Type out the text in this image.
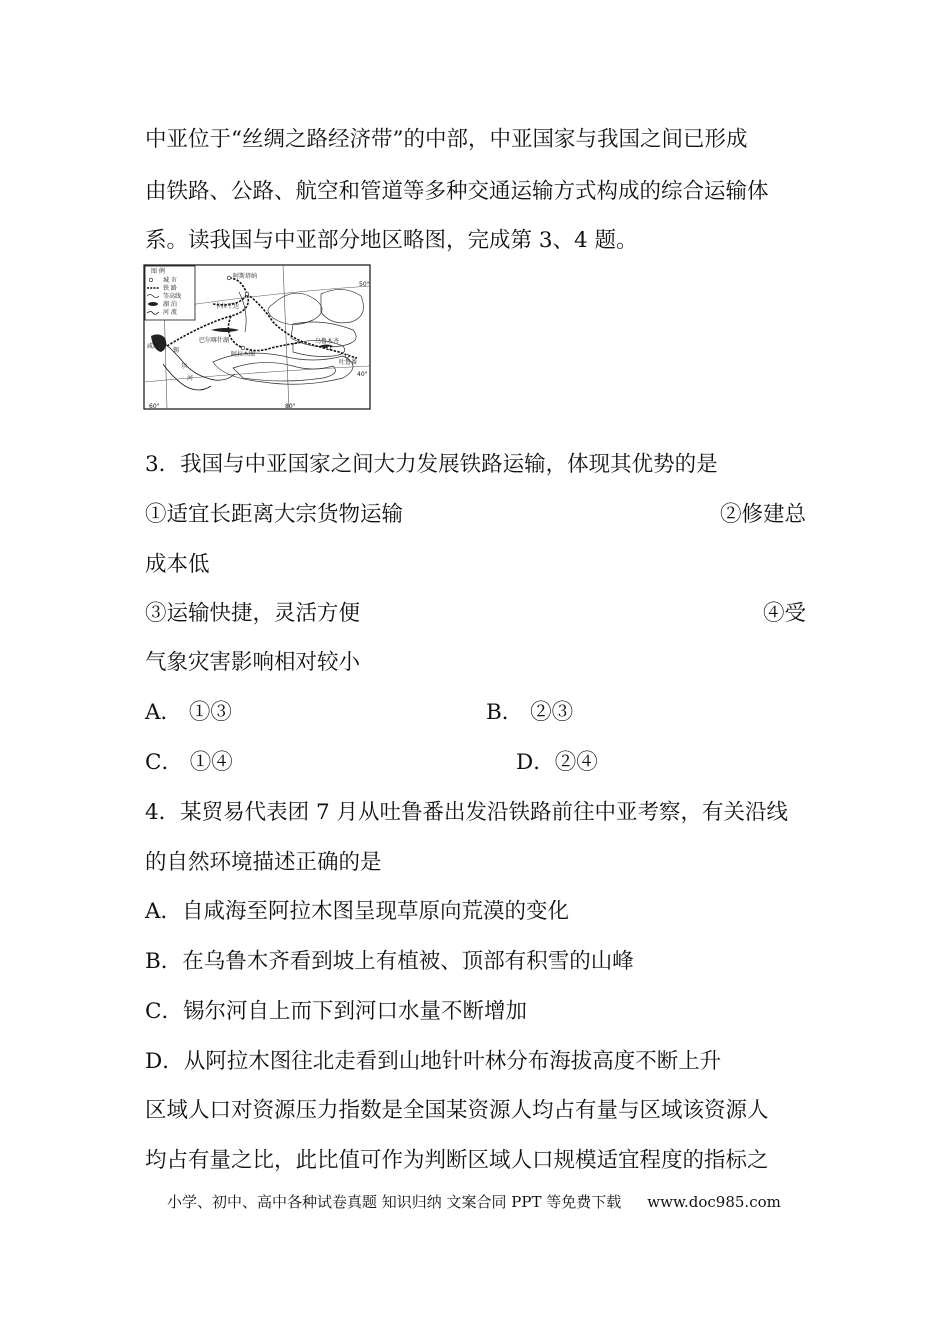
中亚位于“丝绸之路经济带”的中部，中亚国家与我国之间已形成
由铁路、公路、航空和管道等多种交通运输方式构成的综合运输体
系。读我国与中亚部分地区略图，完成第 3、4 题。
图 例
城 市
铁 路
等高线
湖 泊
河 流
阿斯塔纳
卡拉干达
巴尔喀什湖
阿拉木图
乌鲁木齐
吐鲁番
咸海
锡
尔
河
50°
40°
60°	80°
3．我国与中亚国家之间大力发展铁路运输，体现其优势的是
①适宜长距离大宗货物运输	②修建总
成本低
③运输快捷，灵活方便	④受
气象灾害影响相对较小
A． ①③	B． ②③
C． ①④	D．②④
4．某贸易代表团 7 月从吐鲁番出发沿铁路前往中亚考察，有关沿线
的自然环境描述正确的是
A．自咸海至阿拉木图呈现草原向荒漠的变化
B．在乌鲁木齐看到坡上有植被、顶部有积雪的山峰
C．锡尔河自上而下到河口水量不断增加
D．从阿拉木图往北走看到山地针叶林分布海拔高度不断上升
区域人口对资源压力指数是全国某资源人均占有量与区域该资源人
均占有量之比，此比值可作为判断区域人口规模适宜程度的指标之
小学、初中、高中各种试卷真题 知识归纳 文案合同 PPT 等免费下载 www.doc985.com
